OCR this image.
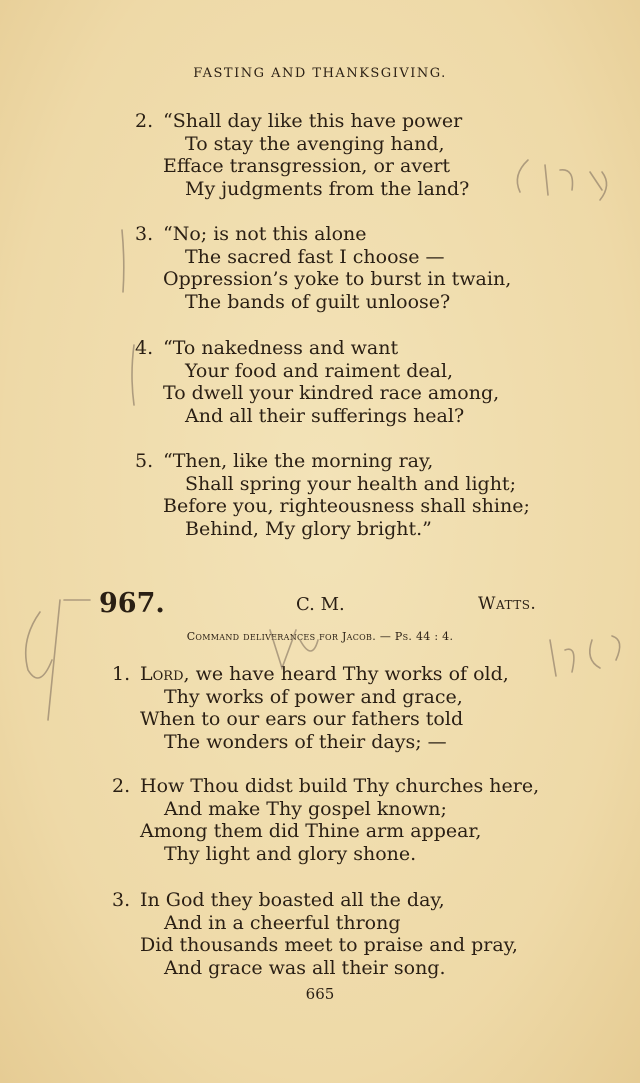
FASTING AND THANKSGIVING.
2. “Shall day like this have power
To stay the avenging hand,
Efface transgression, or avert
My judgments from the land?
3. “No; is not this alone
The sacred fast I choose —
Oppression’s yoke to burst in twain,
The bands of guilt unloose?
4. “To nakedness and want
Your food and raiment deal,
To dwell your kindred race among,
And all their sufferings heal?
5. “Then, like the morning ray,
Shall spring your health and light;
Before you, righteousness shall shine;
Behind, My glory bright.”
967.	C. M.	Watts.
Command deliverances for Jacob. — Ps. 44 : 4.
1. Lord, we have heard Thy works of old,
Thy works of power and grace,
When to our ears our fathers told
The wonders of their days; —
2. How Thou didst build Thy churches here,
And make Thy gospel known;
Among them did Thine arm appear,
Thy light and glory shone.
3. In God they boasted all the day,
And in a cheerful throng
Did thousands meet to praise and pray,
And grace was all their song.
665
